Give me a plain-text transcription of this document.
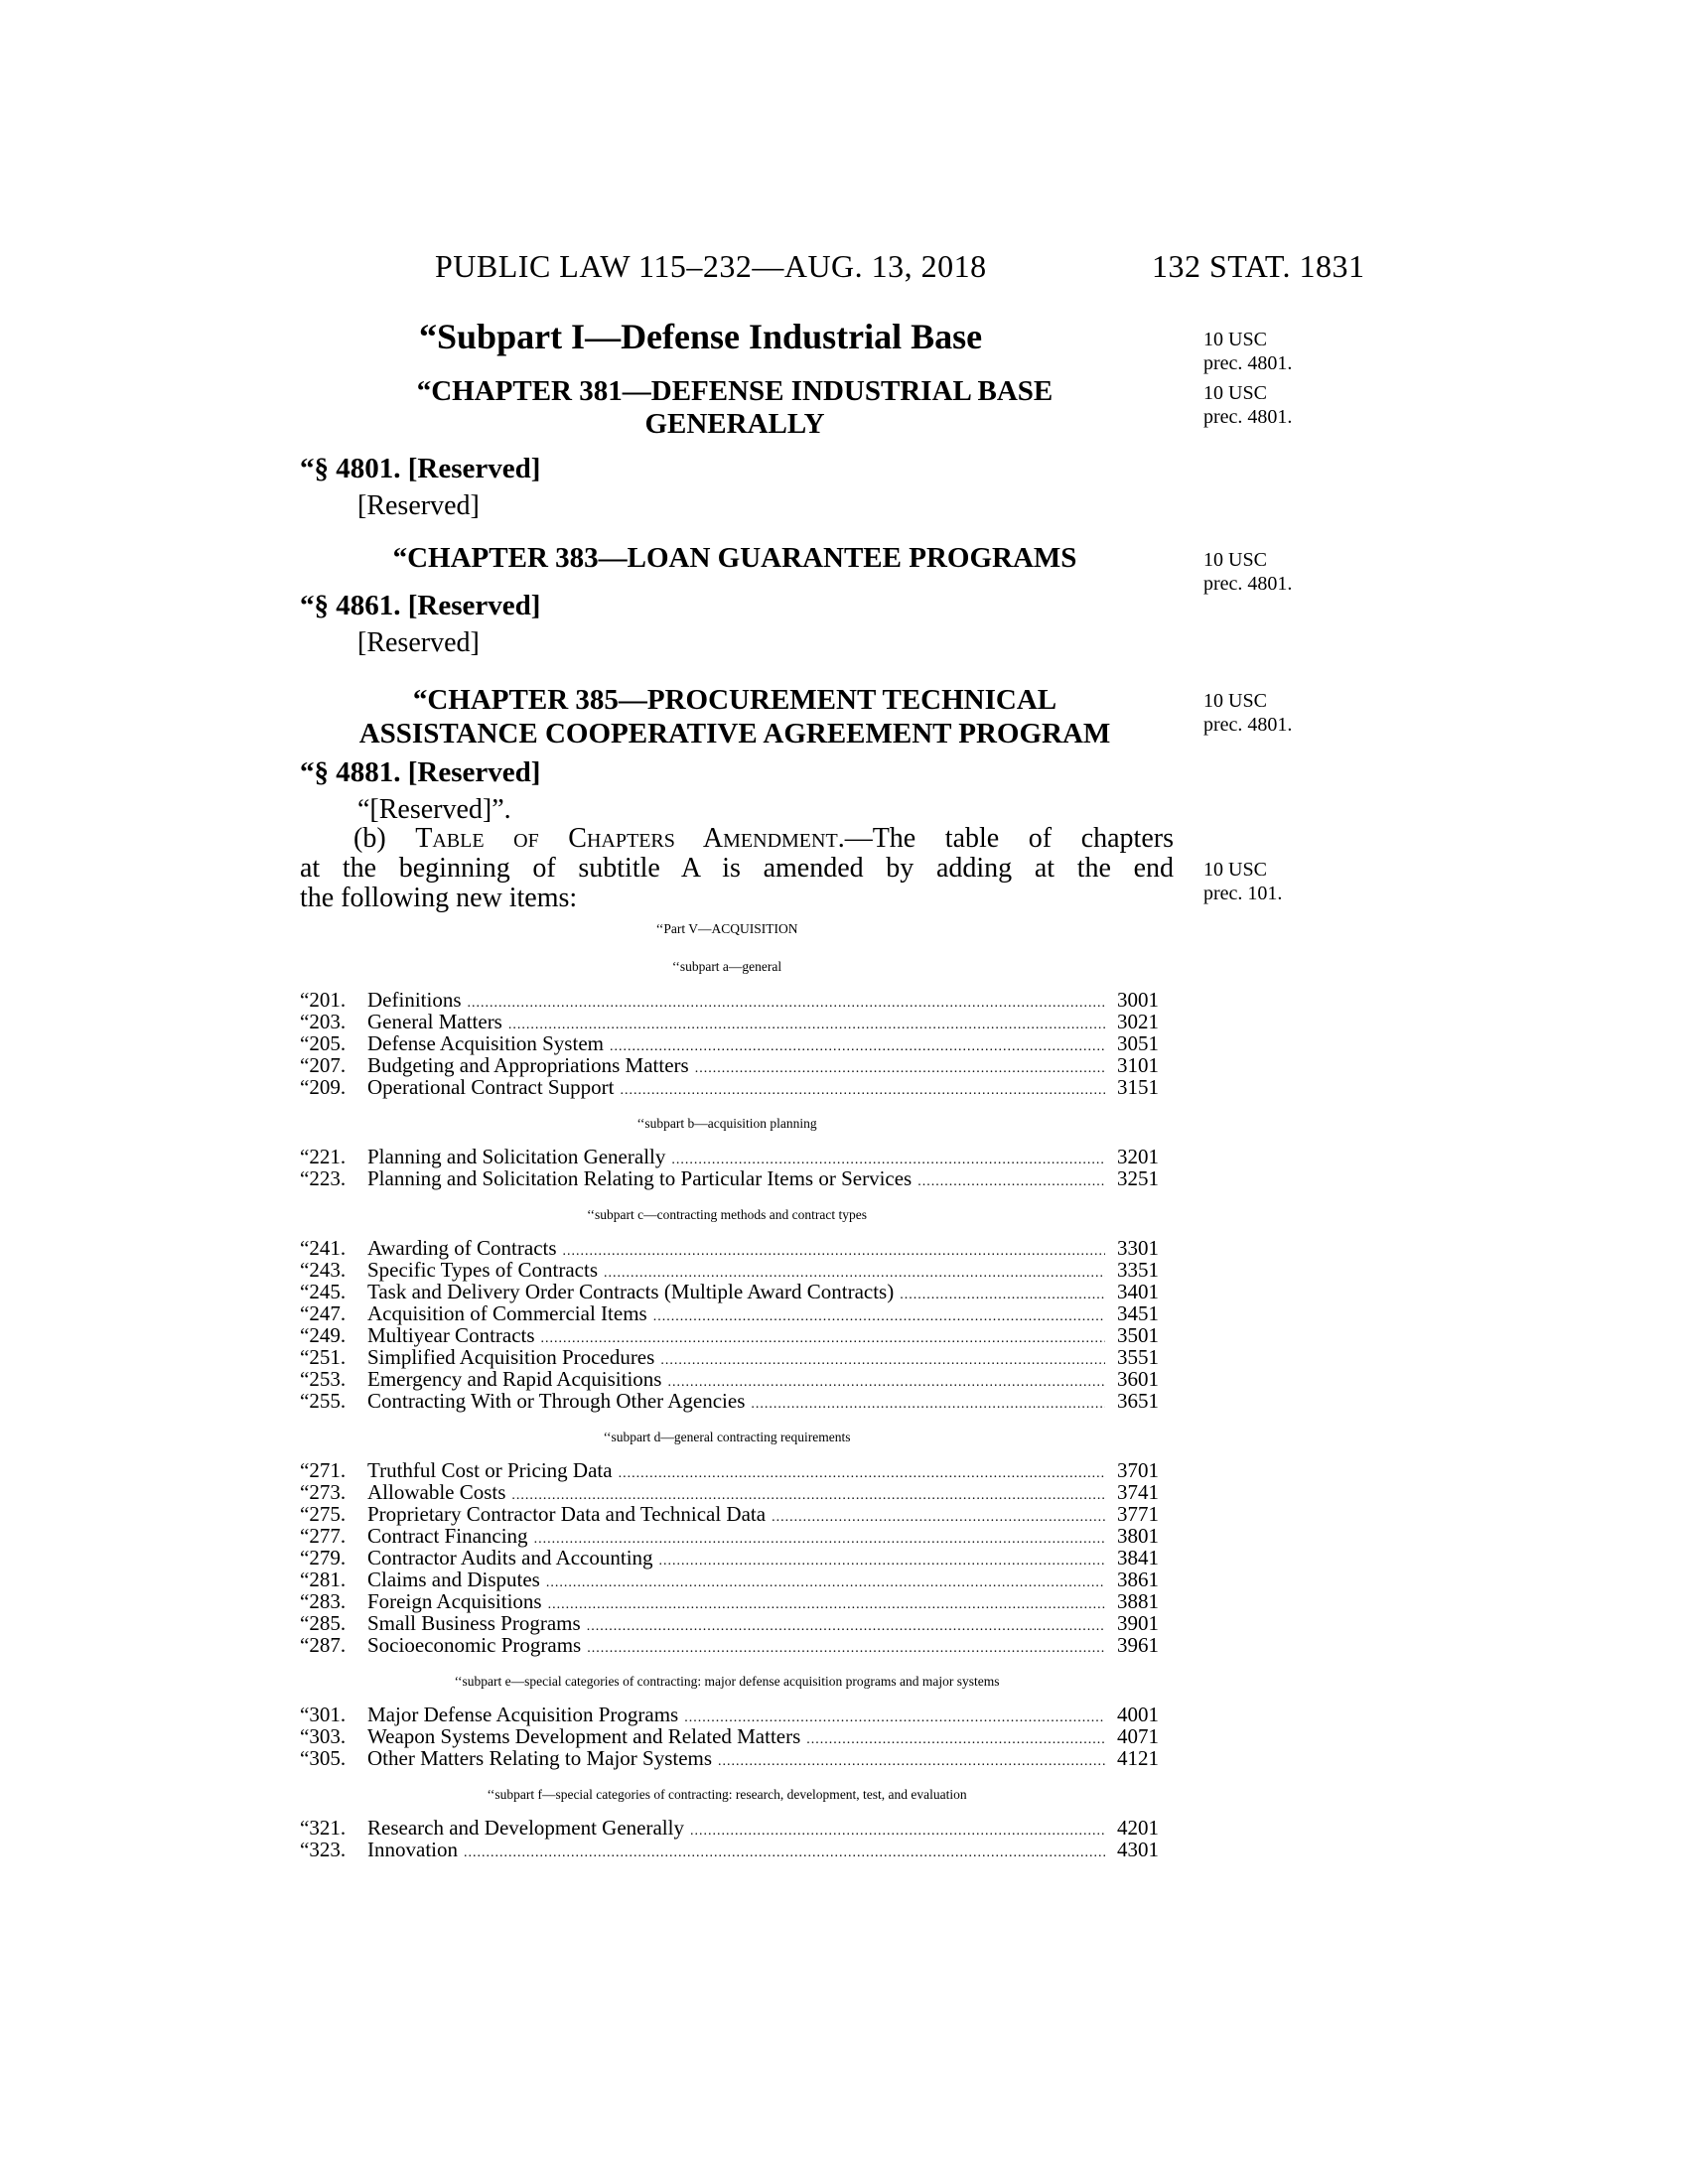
PUBLIC LAW 115–232—AUG. 13, 2018	132 STAT. 1831
“Subpart I—Defense Industrial Base	10 USC
prec. 4801.
“CHAPTER 381—DEFENSE INDUSTRIAL BASE
GENERALLY
10 USC
prec. 4801.
“§ 4801. [Reserved]
[Reserved]
“CHAPTER 383—LOAN GUARANTEE PROGRAMS	10 USC
prec. 4801.
“§ 4861. [Reserved]
[Reserved]
“CHAPTER 385—PROCUREMENT TECHNICAL
ASSISTANCE COOPERATIVE AGREEMENT PROGRAM
10 USC
prec. 4801.
“§ 4881. [Reserved]
“[Reserved]”.
(b) Table of Chapters Amendment.—The table of chapters
at the beginning of subtitle A is amended by adding at the end
the following new items:
10 USC
prec. 101.
‘‘Part V—ACQUISITION
‘‘subpart a—general
“201.	Definitions .....	3001
“203.	General Matters .....	3021
“205.	Defense Acquisition System .....	3051
“207.	Budgeting and Appropriations Matters .....	3101
“209.	Operational Contract Support .....	3151
‘‘subpart b—acquisition planning
“221.	Planning and Solicitation Generally .....	3201
“223.	Planning and Solicitation Relating to Particular Items or Services .....	3251
‘‘subpart c—contracting methods and contract types
“241.	Awarding of Contracts .....	3301
“243.	Specific Types of Contracts .....	3351
“245.	Task and Delivery Order Contracts (Multiple Award Contracts) .....	3401
“247.	Acquisition of Commercial Items .....	3451
“249.	Multiyear Contracts .....	3501
“251.	Simplified Acquisition Procedures .....	3551
“253.	Emergency and Rapid Acquisitions .....	3601
“255.	Contracting With or Through Other Agencies .....	3651
‘‘subpart d—general contracting requirements
“271.	Truthful Cost or Pricing Data .....	3701
“273.	Allowable Costs .....	3741
“275.	Proprietary Contractor Data and Technical Data .....	3771
“277.	Contract Financing .....	3801
“279.	Contractor Audits and Accounting .....	3841
“281.	Claims and Disputes .....	3861
“283.	Foreign Acquisitions .....	3881
“285.	Small Business Programs .....	3901
“287.	Socioeconomic Programs .....	3961
‘‘subpart e—special categories of contracting: major defense acquisition programs and major systems
“301.	Major Defense Acquisition Programs .....	4001
“303.	Weapon Systems Development and Related Matters .....	4071
“305.	Other Matters Relating to Major Systems .....	4121
‘‘subpart f—special categories of contracting: research, development, test, and evaluation
“321.	Research and Development Generally .....	4201
“323.	Innovation .....	4301
